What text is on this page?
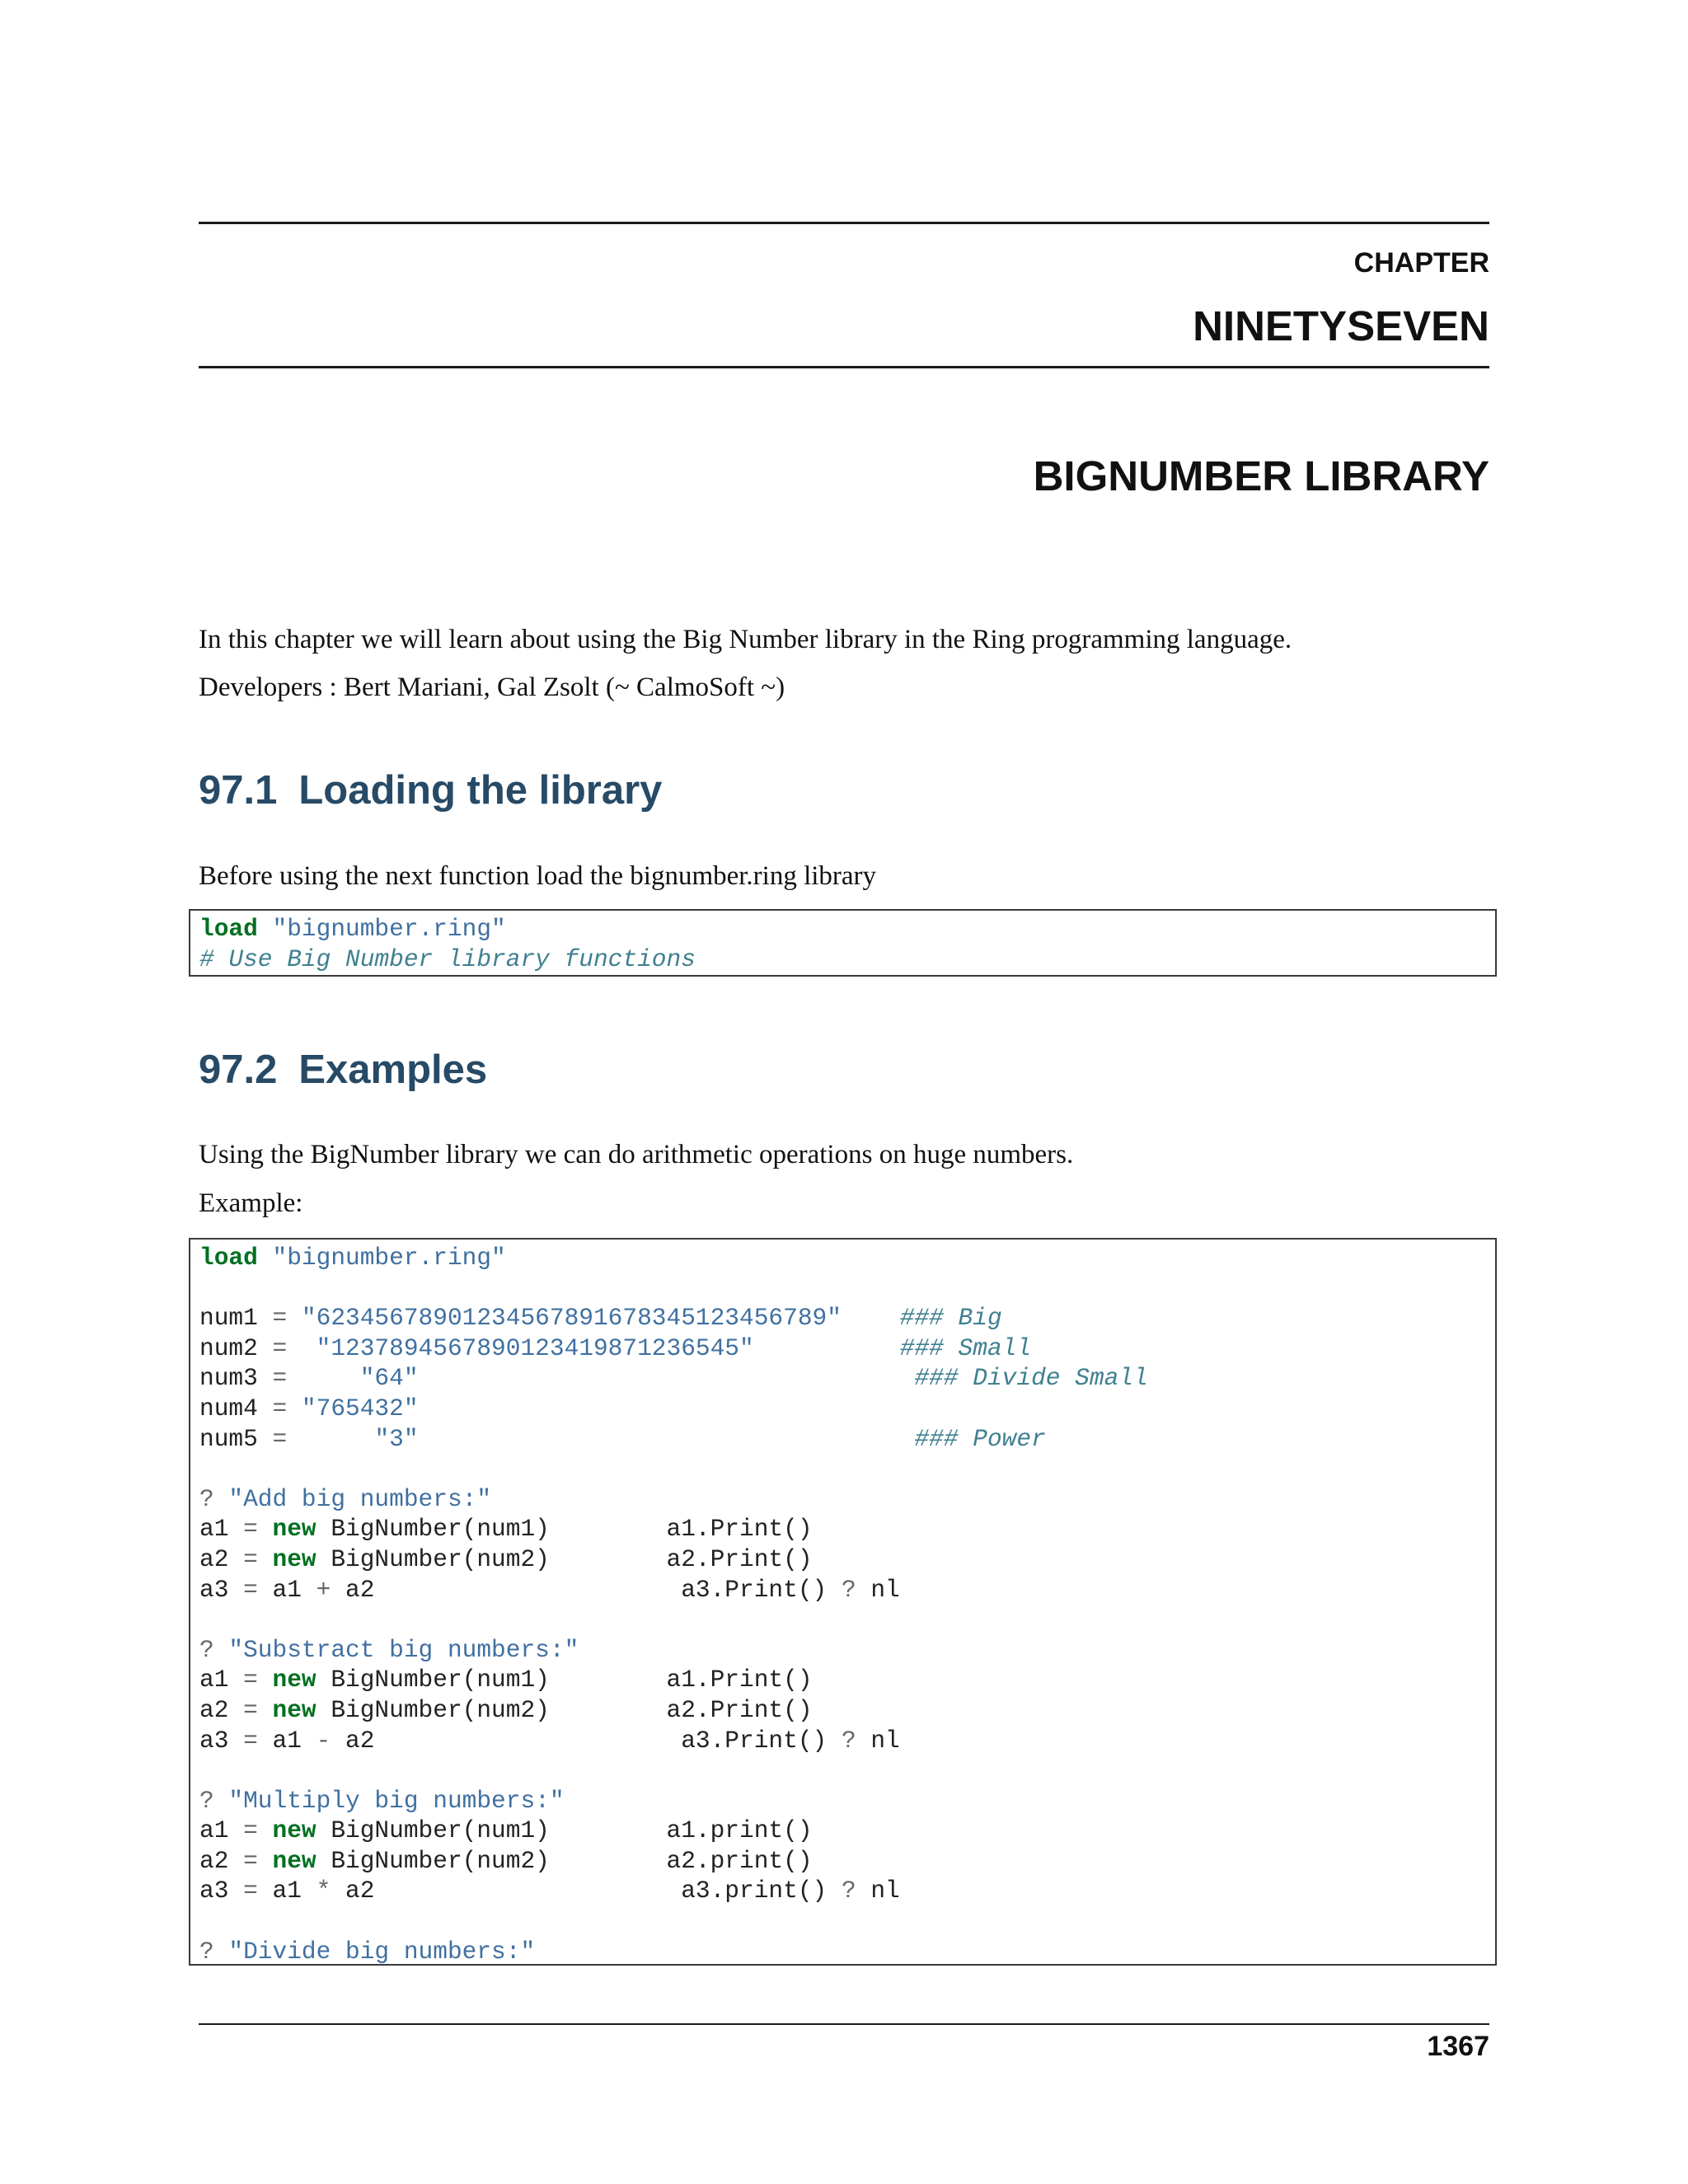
CHAPTER
NINETYSEVEN
BIGNUMBER LIBRARY
In this chapter we will learn about using the Big Number library in the Ring programming language.
Developers : Bert Mariani, Gal Zsolt (~ CalmoSoft ~)
97.1 Loading the library
Before using the next function load the bignumber.ring library
load "bignumber.ring"
# Use Big Number library functions
97.2 Examples
Using the BigNumber library we can do arithmetic operations on huge numbers.
Example:
load "bignumber.ring"

num1 = "62345678901234567891678345123456789" ### Big
num2 = "1237894567890123419871236545"	### Small
num3 =	"64"	### Divide Small
num4 = "765432"
num5 =	"3"	### Power

? "Add big numbers:"
a1 = new BigNumber(num1)        a1.Print()
a2 = new BigNumber(num2)        a2.Print()
a3 = a1 + a2                     a3.Print() ? nl

? "Substract big numbers:"
a1 = new BigNumber(num1)        a1.Print()
a2 = new BigNumber(num2)        a2.Print()
a3 = a1 - a2                     a3.Print() ? nl

? "Multiply big numbers:"
a1 = new BigNumber(num1)        a1.print()
a2 = new BigNumber(num2)        a2.print()
a3 = a1 * a2                     a3.print() ? nl

? "Divide big numbers:"
1367
